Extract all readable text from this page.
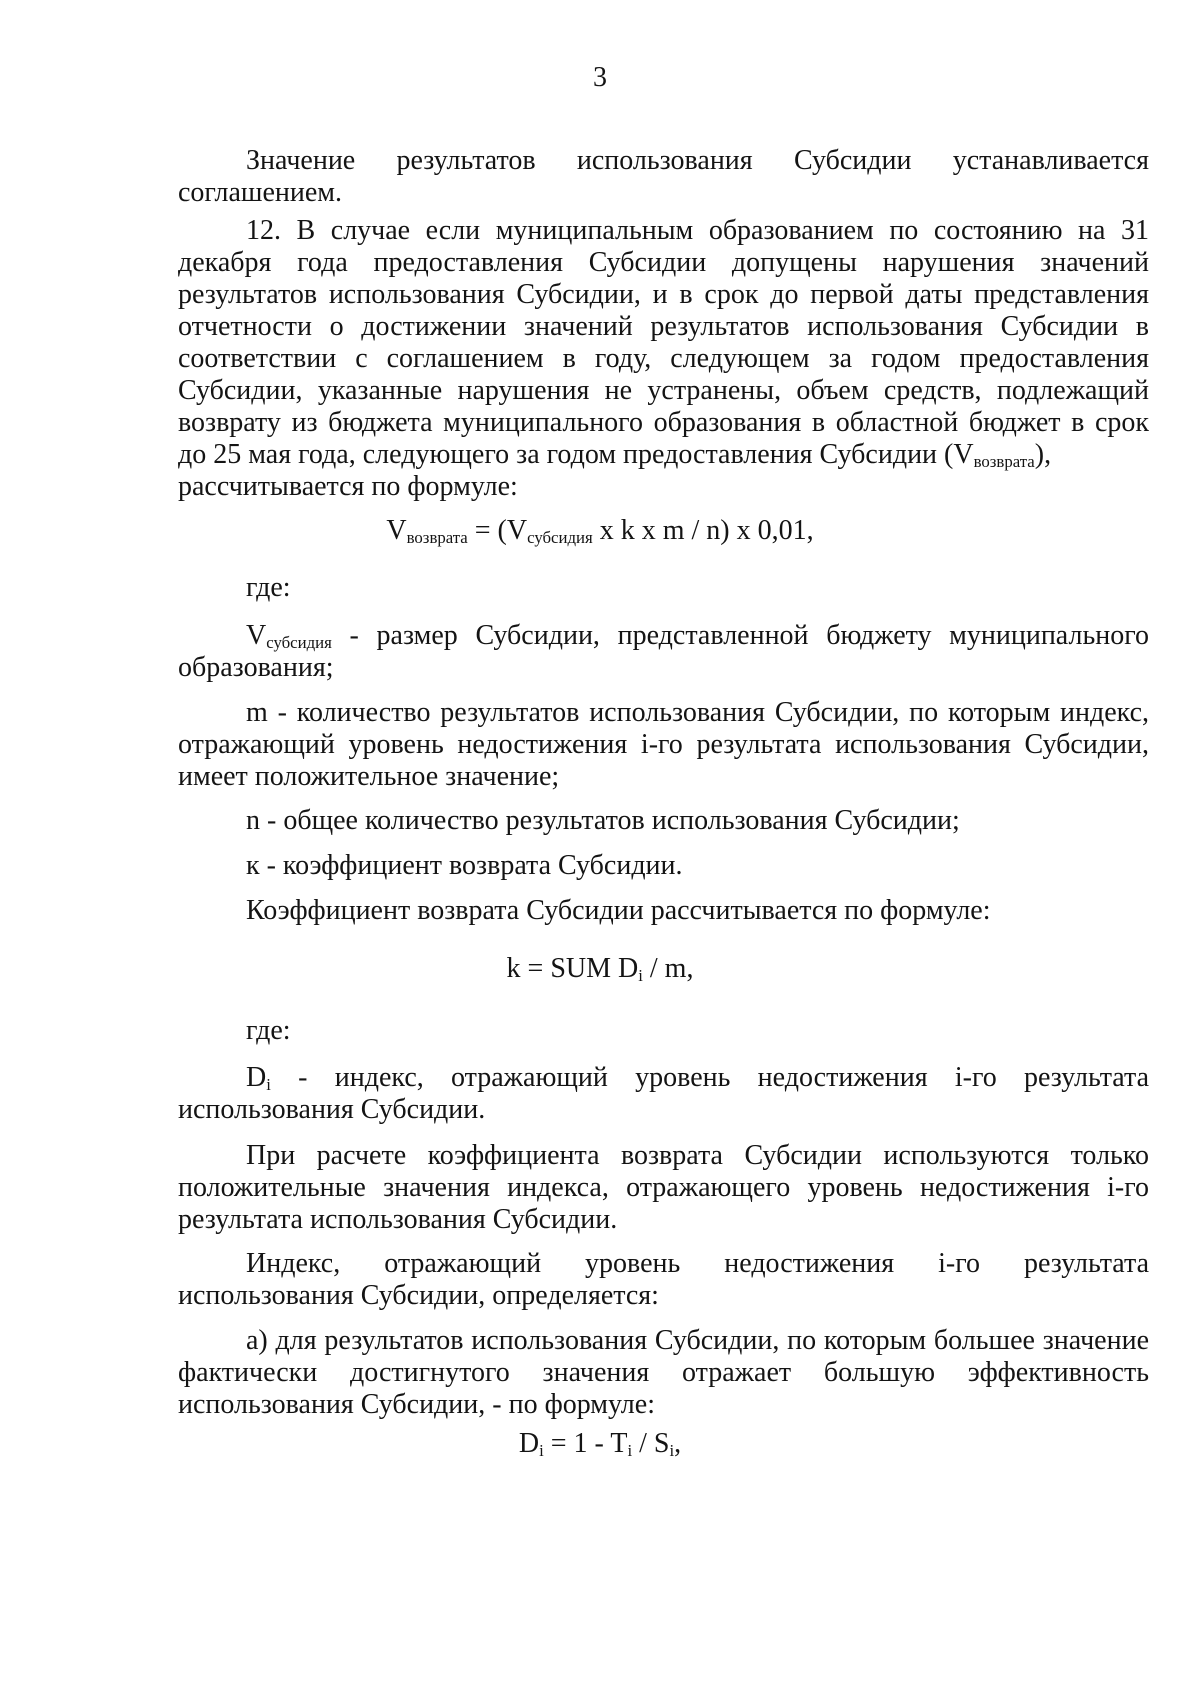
3

Значение результатов использования Субсидии устанавливается
соглашением.

12. В случае если муниципальным образованием по состоянию на 31 декабря года предоставления Субсидии допущены нарушения значений результатов использования Субсидии, и в срок до первой даты представления отчетности о достижении значений результатов использования Субсидии в соответствии с соглашением в году, следующем за годом предоставления Субсидии, указанные нарушения не устранены, объем средств, подлежащий возврату из бюджета муниципального образования в областной бюджет в срок до 25 мая года, следующего за годом предоставления Субсидии $(V_{возврата})$,
рассчитывается по формуле:

$V_{возврата} = (V_{субсидия}$ x k x m / n) x 0,01,
где:

$V_{субсидия}$ - размер Субсидии, представленной бюджету муниципального образования;

m - количество результатов использования Субсидии, по которым индекс, отражающий уровень недостижения i-го результата использования Субсидии, имеет положительное значение;

n - общее количество результатов использования Субсидии;

к - коэффициент возврата Субсидии.

Коэффициент возврата Субсидии рассчитывается по формуле:

k = SUM $D_i$ / m,
где:

$D_i$ - индекс, отражающий уровень недостижения i-го результата использования Субсидии.

При расчете коэффициента возврата Субсидии используются только положительные значения индекса, отражающего уровень недостижения i-го результата использования Субсидии.

Индекс, отражающий уровень недостижения i-го результата
использования Субсидии, определяется:

а) для результатов использования Субсидии, по которым большее значение фактически достигнутого значения отражает большую эффективность использования Субсидии, - по формуле:

$D_i = 1 - T_i / S_i$,
